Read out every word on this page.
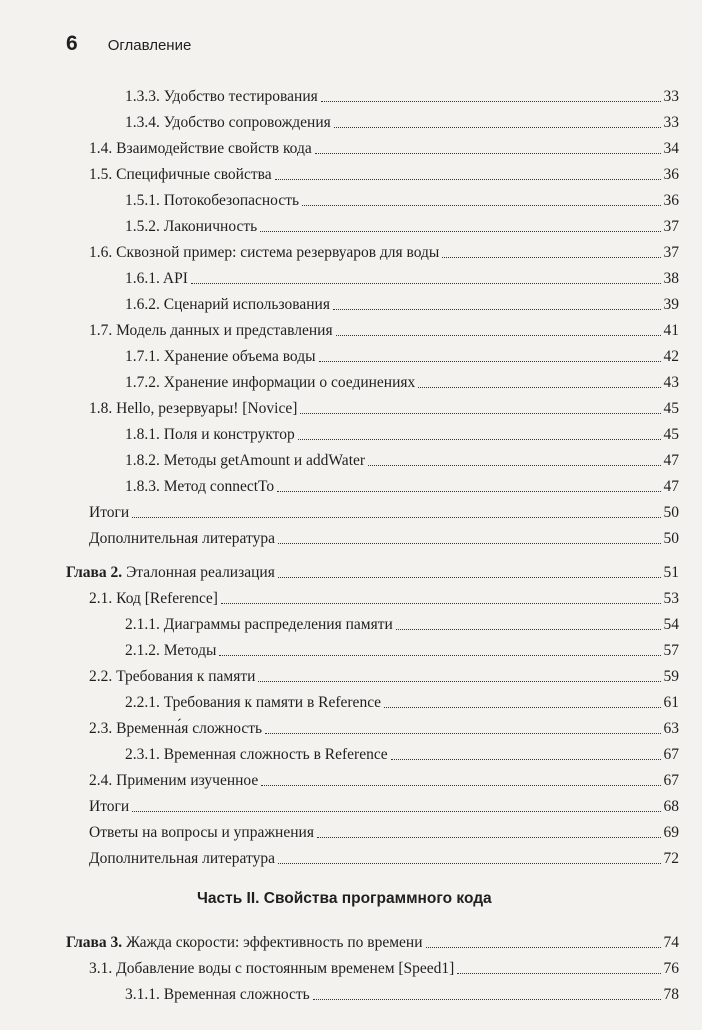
6 Оглавление
1.3.3. Удобство тестирования	33
1.3.4. Удобство сопровождения	33
1.4. Взаимодействие свойств кода	34
1.5. Специфичные свойства	36
1.5.1. Потокобезопасность	36
1.5.2. Лаконичность	37
1.6. Сквозной пример: система резервуаров для воды	37
1.6.1. API	38
1.6.2. Сценарий использования	39
1.7. Модель данных и представления	41
1.7.1. Хранение объема воды	42
1.7.2. Хранение информации о соединениях	43
1.8. Hello, резервуары! [Novice]	45
1.8.1. Поля и конструктор	45
1.8.2. Методы getAmount и addWater	47
1.8.3. Метод connectTo	47
Итоги	50
Дополнительная литература	50
Глава 2. Эталонная реализация	51
2.1. Код [Reference]	53
2.1.1. Диаграммы распределения памяти	54
2.1.2. Методы	57
2.2. Требования к памяти	59
2.2.1. Требования к памяти в Reference	61
2.3. Временна́я сложность	63
2.3.1. Временная сложность в Reference	67
2.4. Применим изученное	67
Итоги	68
Ответы на вопросы и упражнения	69
Дополнительная литература	72
Глава 3. Жажда скорости: эффективность по времени	74
3.1. Добавление воды с постоянным временем [Speed1]	76
3.1.1. Временная сложность	78
Часть II. Свойства программного кода
